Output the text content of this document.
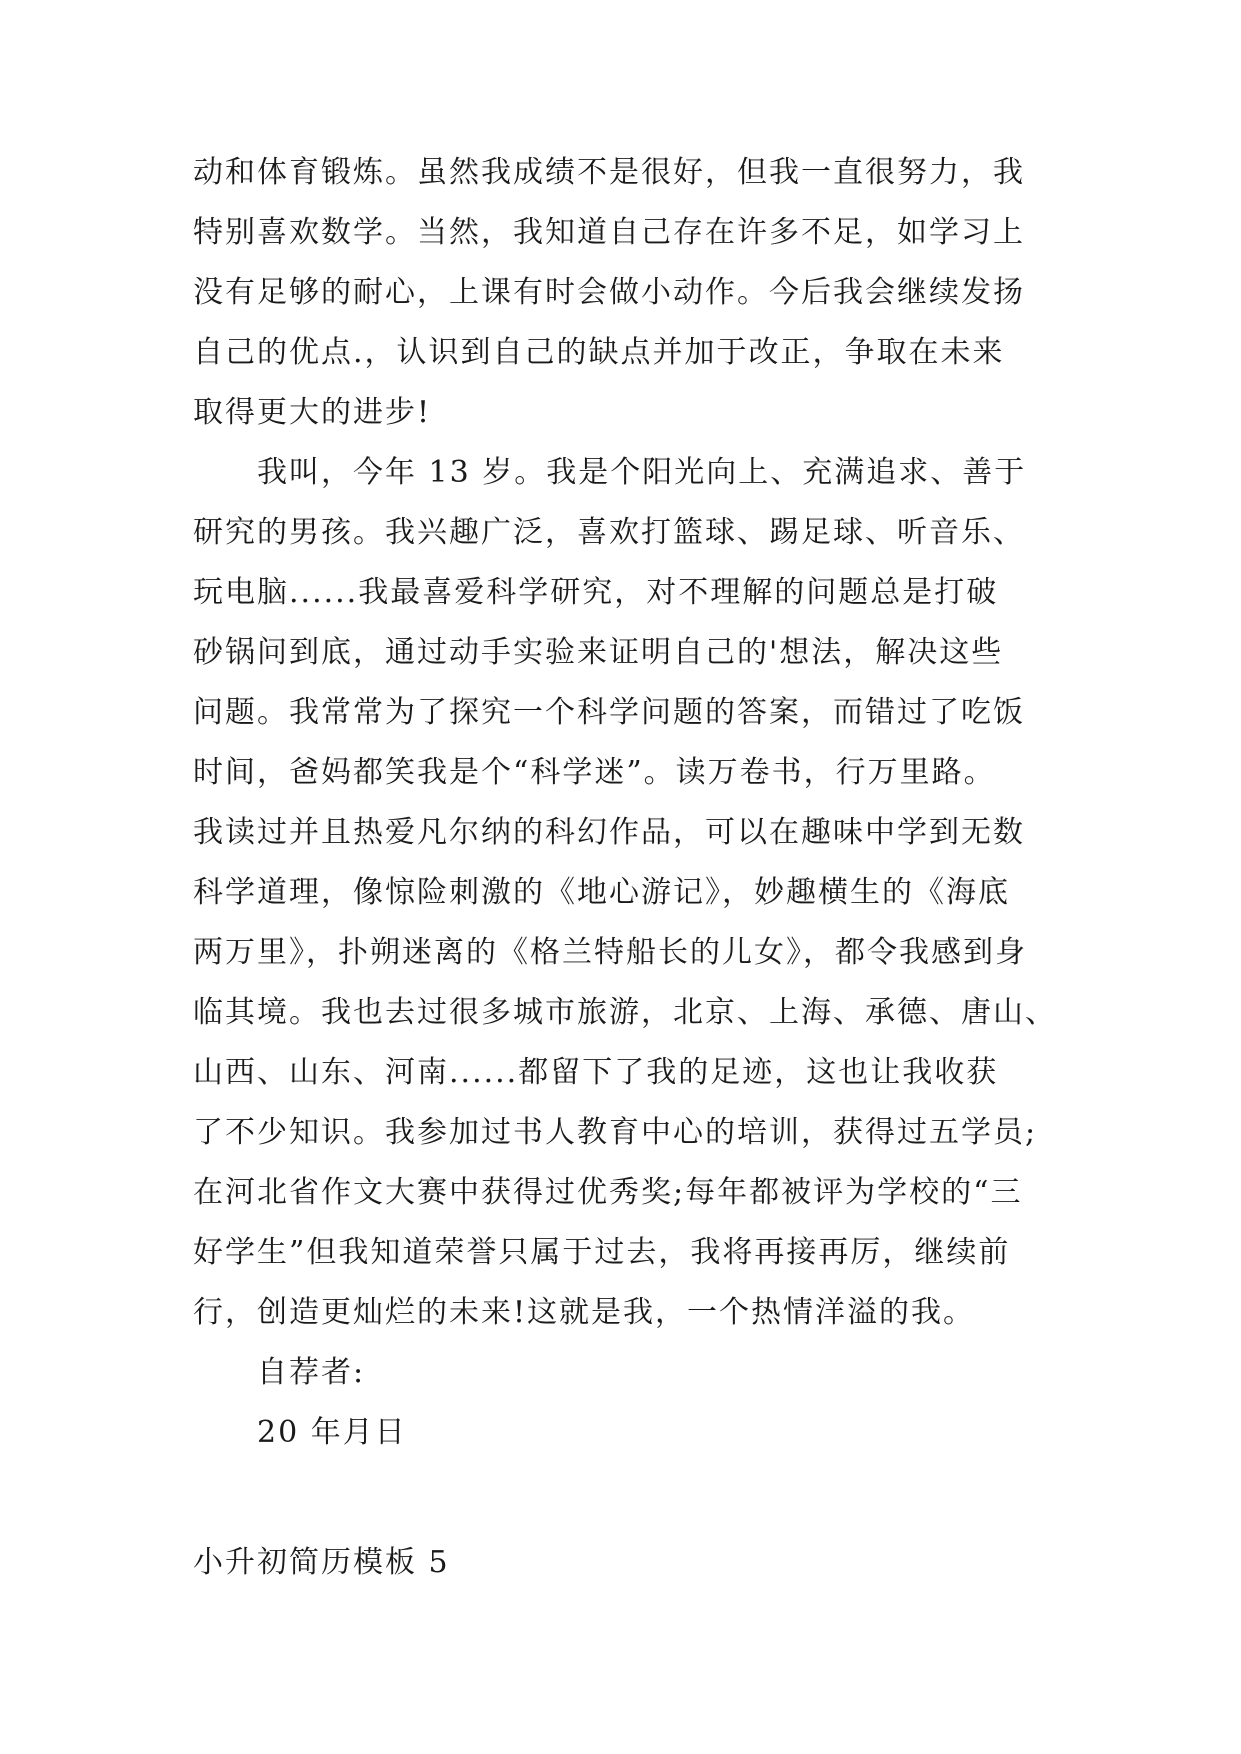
动和体育锻炼。虽然我成绩不是很好，但我一直很努力，我
特别喜欢数学。当然，我知道自己存在许多不足，如学习上
没有足够的耐心，上课有时会做小动作。今后我会继续发扬
自己的优点.，认识到自己的缺点并加于改正，争取在未来
取得更大的进步!
我叫，今年 13 岁。我是个阳光向上、充满追求、善于
研究的男孩。我兴趣广泛，喜欢打篮球、踢足球、听音乐、
玩电脑......我最喜爱科学研究，对不理解的问题总是打破
砂锅问到底，通过动手实验来证明自己的'想法，解决这些
问题。我常常为了探究一个科学问题的答案，而错过了吃饭
时间，爸妈都笑我是个“科学迷”。读万卷书，行万里路。
我读过并且热爱凡尔纳的科幻作品，可以在趣味中学到无数
科学道理，像惊险刺激的《地心游记》，妙趣横生的《海底
两万里》，扑朔迷离的《格兰特船长的儿女》，都令我感到身
临其境。我也去过很多城市旅游，北京、上海、承德、唐山、
山西、山东、河南......都留下了我的足迹，这也让我收获
了不少知识。我参加过书人教育中心的培训，获得过五学员;
在河北省作文大赛中获得过优秀奖;每年都被评为学校的“三
好学生”但我知道荣誉只属于过去，我将再接再厉，继续前
行，创造更灿烂的未来!这就是我，一个热情洋溢的我。
自荐者:
20 年月日
小升初简历模板 5
